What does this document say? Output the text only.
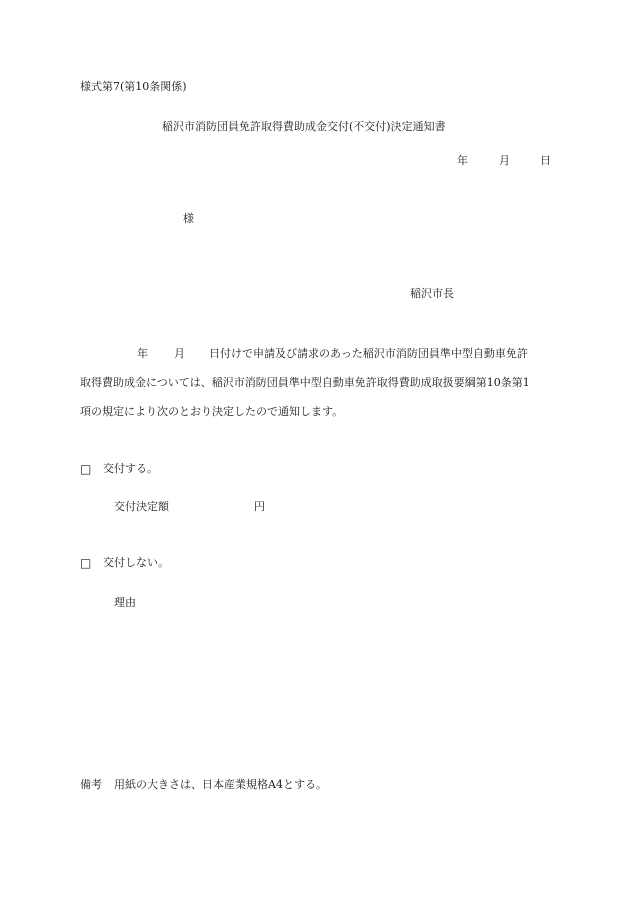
様式第7(第10条関係)
稲沢市消防団員免許取得費助成金交付(不交付)決定通知書
年	月	日
様
稲沢市長
年 月 日付けで申請及び請求のあった稲沢市消防団員準中型自動車免許
取得費助成金については、稲沢市消防団員準中型自動車免許取得費助成取扱要綱第10条第1
項の規定により次のとおり決定したので通知します。
□ 交付する。
交付決定額	円
□ 交付しない。
理由
備考 用紙の大きさは、日本産業規格A4とする。
